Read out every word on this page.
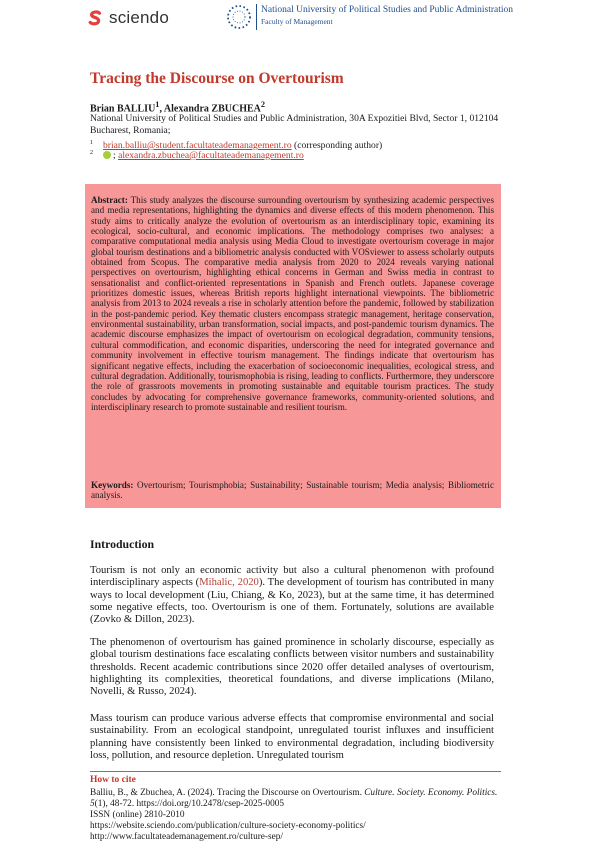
sciendo	National University of Political Studies and Public Administration
Faculty of Management
Tracing the Discourse on Overtourism
Brian BALLIU$^1$, Alexandra ZBUCHEA$^2$
National University of Political Studies and Public Administration, 30A Expozitiei Blvd, Sector 1, 012104 Bucharest, Romania;
$^1$ brian.balliu@student.facultateademanagement.ro (corresponding author)
$^2$ ; alexandra.zbuchea@facultateademanagement.ro

Abstract: This study analyzes the discourse surrounding overtourism by synthesizing academic perspectives and media representations, highlighting the dynamics and diverse effects of this modern phenomenon. This study aims to critically analyze the evolution of overtourism as an interdisciplinary topic, examining its ecological, socio-cultural, and economic implications. The methodology comprises two analyses: a comparative computational media analysis using Media Cloud to investigate overtourism coverage in major global tourism destinations and a bibliometric analysis conducted with VOSviewer to assess scholarly outputs obtained from Scopus. The comparative media analysis from 2020 to 2024 reveals varying national perspectives on overtourism, highlighting ethical concerns in German and Swiss media in contrast to sensationalist and conflict-oriented representations in Spanish and French outlets. Japanese coverage prioritizes domestic issues, whereas British reports highlight international viewpoints. The bibliometric analysis from 2013 to 2024 reveals a rise in scholarly attention before the pandemic, followed by stabilization in the post-pandemic period. Key thematic clusters encompass strategic management, heritage conservation, environmental sustainability, urban transformation, social impacts, and post-pandemic tourism dynamics. The academic discourse emphasizes the impact of overtourism on ecological degradation, community tensions, cultural commodification, and economic disparities, underscoring the need for integrated governance and community involvement in effective tourism management. The findings indicate that overtourism has significant negative effects, including the exacerbation of socioeconomic inequalities, ecological stress, and cultural degradation. Additionally, tourismophobia is rising, leading to conflicts. Furthermore, they underscore the role of grassroots movements in promoting sustainable and equitable tourism practices. The study concludes by advocating for comprehensive governance frameworks, community-oriented solutions, and interdisciplinary research to promote sustainable and resilient tourism.

Keywords: Overtourism; Tourismphobia; Sustainability; Sustainable tourism; Media analysis; Bibliometric analysis.

Introduction

Tourism is not only an economic activity but also a cultural phenomenon with profound interdisciplinary aspects (Mihalic, 2020). The development of tourism has contributed in many ways to local development (Liu, Chiang, & Ko, 2023), but at the same time, it has determined some negative effects, too. Overtourism is one of them. Fortunately, solutions are available (Zovko & Dillon, 2023).

The phenomenon of overtourism has gained prominence in scholarly discourse, especially as global tourism destinations face escalating conflicts between visitor numbers and sustainability thresholds. Recent academic contributions since 2020 offer detailed analyses of overtourism, highlighting its complexities, theoretical foundations, and diverse implications (Milano, Novelli, & Russo, 2024).

Mass tourism can produce various adverse effects that compromise environmental and social sustainability. From an ecological standpoint, unregulated tourist influxes and insufficient planning have consistently been linked to environmental degradation, including biodiversity loss, pollution, and resource depletion. Unregulated tourism

How to cite
Balliu, B., & Zbuchea, A. (2024). Tracing the Discourse on Overtourism. Culture. Society. Economy. Politics. 5(1), 48-72. https://doi.org/10.2478/csep-2025-0005
ISSN (online) 2810-2010
https://website.sciendo.com/publication/culture-society-economy-politics/
http://www.facultateademanagement.ro/culture-sep/
